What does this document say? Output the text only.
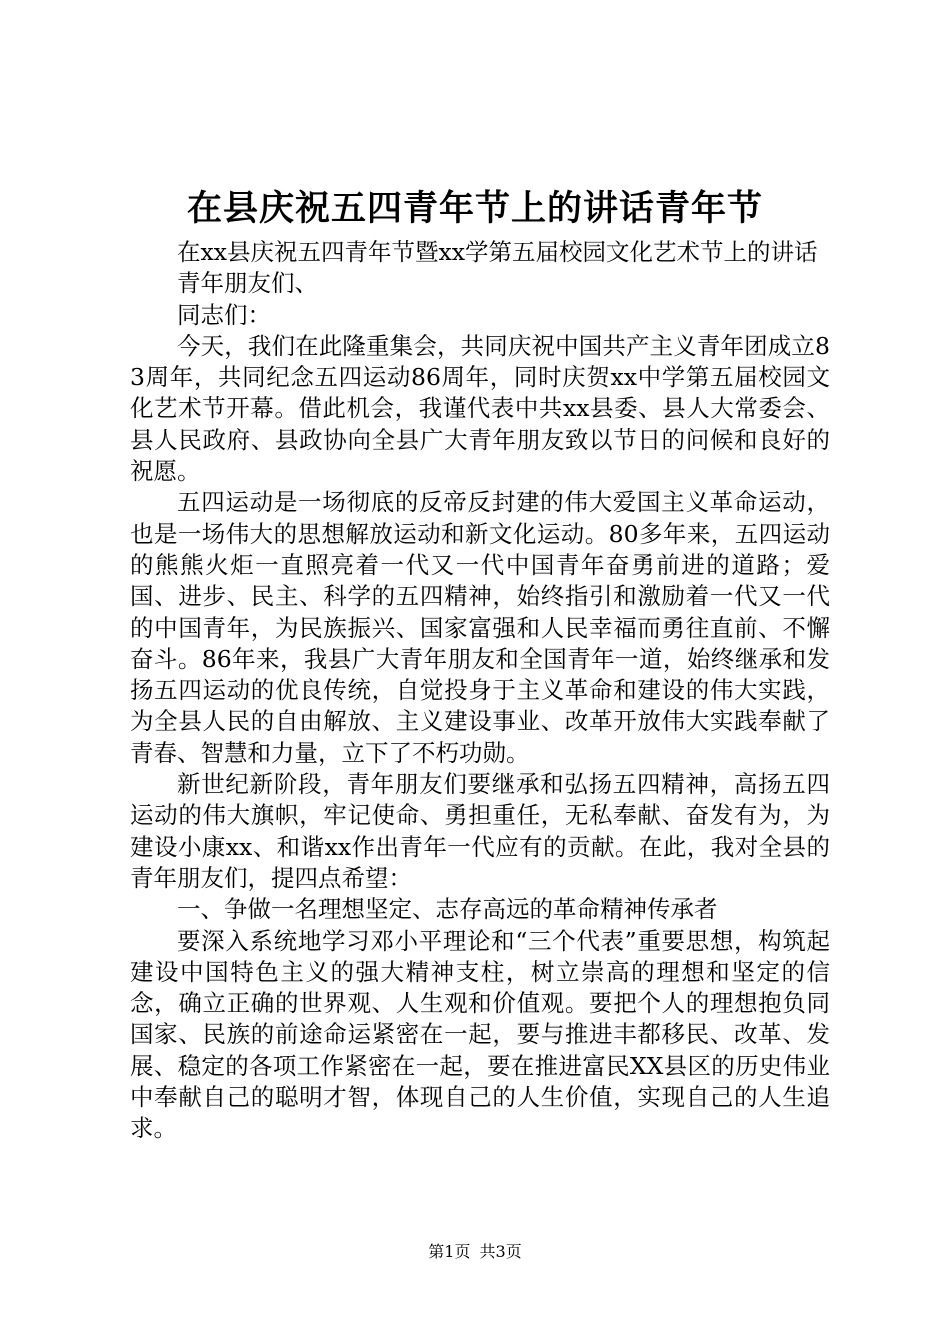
在县庆祝五四青年节上的讲话青年节

在xx县庆祝五四青年节暨xx学第五届校园文化艺术节上的讲话

青年朋友们、

同志们：

今天，我们在此隆重集会，共同庆祝中国共产主义青年团成立83周年，共同纪念五四运动86周年，同时庆贺xx中学第五届校园文化艺术节开幕。借此机会，我谨代表中共xx县委、县人大常委会、县人民政府、县政协向全县广大青年朋友致以节日的问候和良好的祝愿。

五四运动是一场彻底的反帝反封建的伟大爱国主义革命运动，也是一场伟大的思想解放运动和新文化运动。80多年来，五四运动的熊熊火炬一直照亮着一代又一代中国青年奋勇前进的道路；爱国、进步、民主、科学的五四精神，始终指引和激励着一代又一代的中国青年，为民族振兴、国家富强和人民幸福而勇往直前、不懈奋斗。86年来，我县广大青年朋友和全国青年一道，始终继承和发扬五四运动的优良传统，自觉投身于主义革命和建设的伟大实践，为全县人民的自由解放、主义建设事业、改革开放伟大实践奉献了青春、智慧和力量，立下了不朽功勋。

新世纪新阶段，青年朋友们要继承和弘扬五四精神，高扬五四运动的伟大旗帜，牢记使命、勇担重任，无私奉献、奋发有为，为建设小康xx、和谐xx作出青年一代应有的贡献。在此，我对全县的青年朋友们，提四点希望：

一、争做一名理想坚定、志存高远的革命精神传承者

要深入系统地学习邓小平理论和“三个代表”重要思想，构筑起建设中国特色主义的强大精神支柱，树立崇高的理想和坚定的信念，确立正确的世界观、人生观和价值观。要把个人的理想抱负同国家、民族的前途命运紧密在一起，要与推进丰都移民、改革、发展、稳定的各项工作紧密在一起，要在推进富民XX县区的历史伟业中奉献自己的聪明才智，体现自己的人生价值，实现自己的人生追求。

第1页 共3页
